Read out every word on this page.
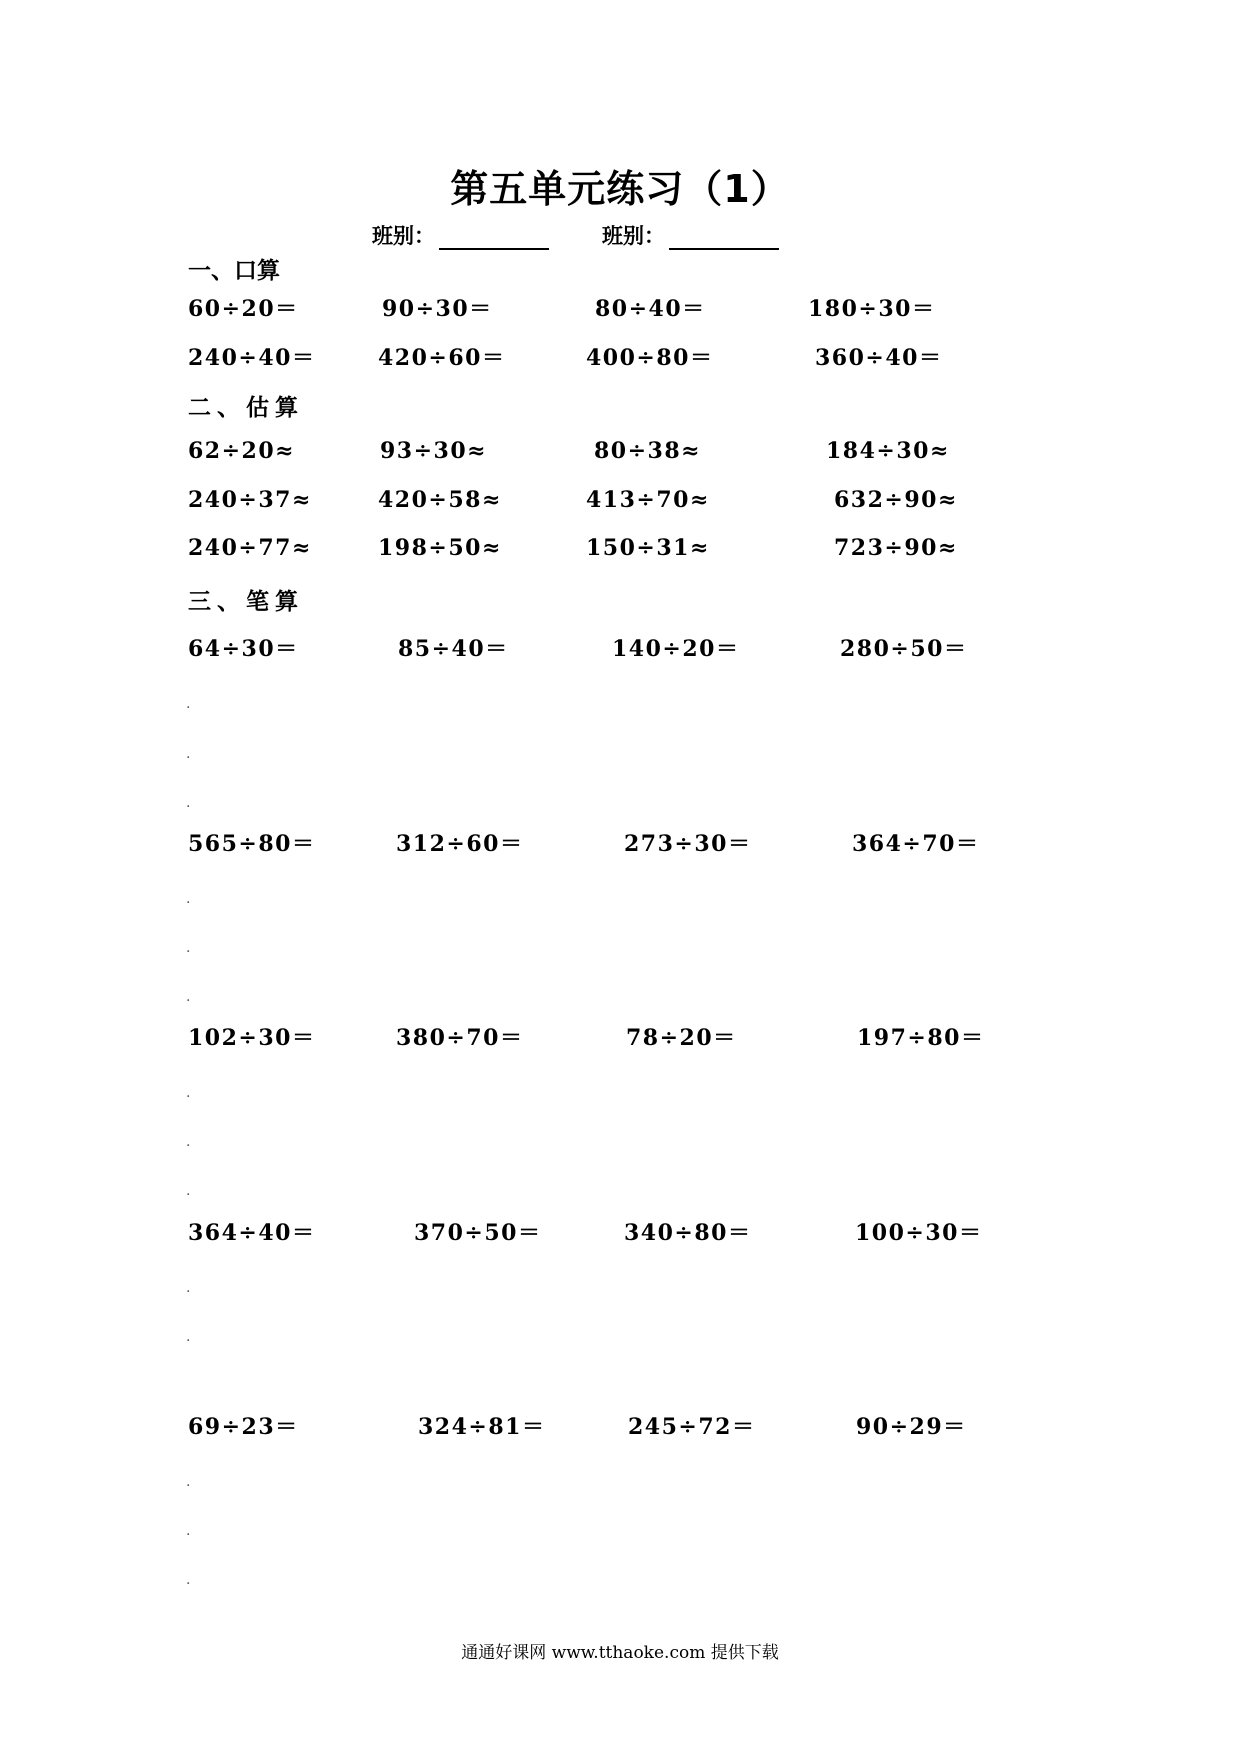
第五单元练习（1）
班别：	班别：
一、口算
60÷20＝	90÷30＝	80÷40＝	180÷30＝
240÷40＝	420÷60＝	400÷80＝	360÷40＝
二、估算
62÷20≈	93÷30≈	80÷38≈	184÷30≈
240÷37≈	420÷58≈	413÷70≈	632÷90≈
240÷77≈	198÷50≈	150÷31≈	723÷90≈
三、笔算
64÷30＝	85÷40＝	140÷20＝	280÷50＝
565÷80＝	312÷60＝	273÷30＝	364÷70＝
102÷30＝	380÷70＝	78÷20＝	197÷80＝
364÷40＝	370÷50＝	340÷80＝	100÷30＝
69÷23＝	324÷81＝	245÷72＝	90÷29＝
.
.
.
.
.
.
.
.
.
.
.
.
.
.
通通好课网 www.tthaoke.com 提供下载
